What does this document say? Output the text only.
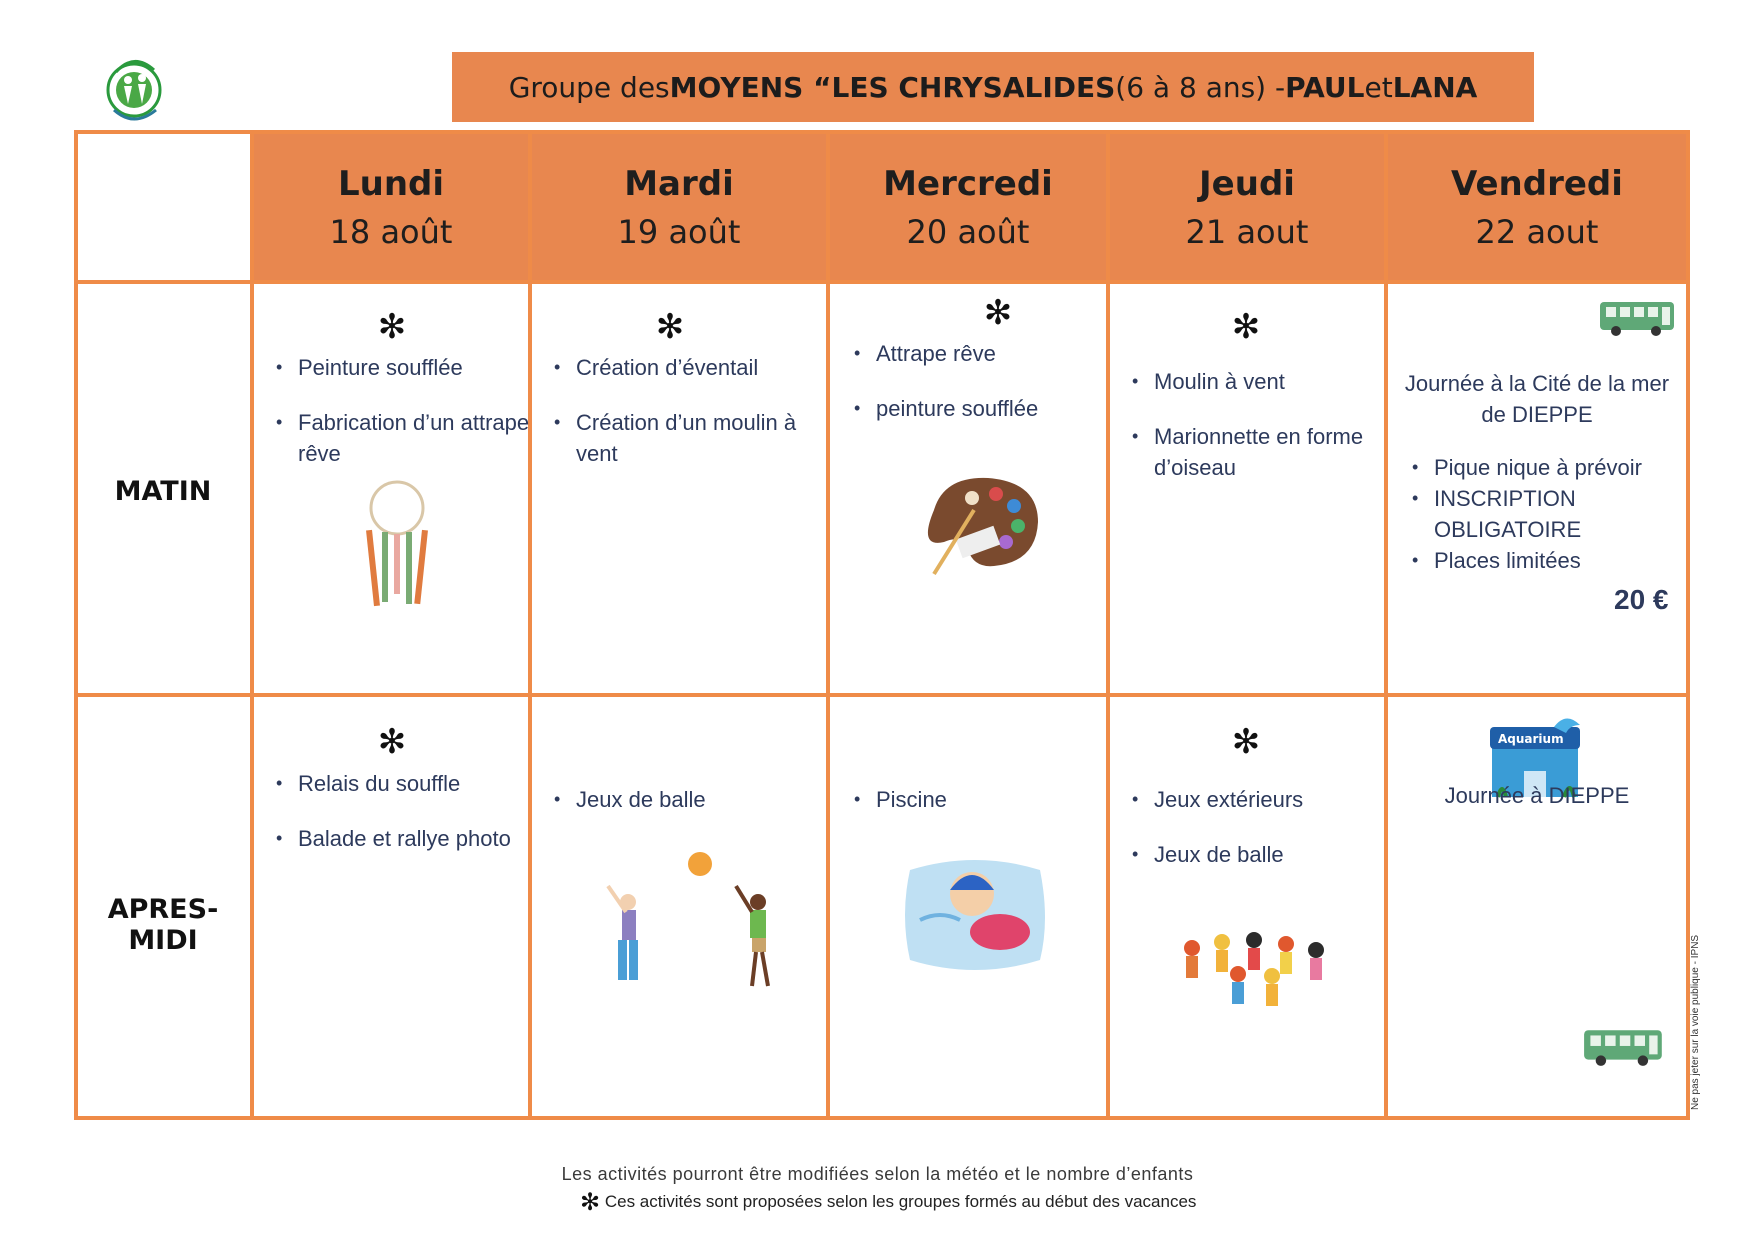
Groupe des MOYENS “LES CHRYSALIDES (6 à 8 ans) - PAUL et LANA
Lundi
18 août
Mardi
19 août
Mercredi
20 août
Jeudi
21 aout
Vendredi
22 aout
MATIN
APRES-MIDI
✻
• Peinture soufflée
• Fabrication d’un attrape rêve
✻
• Création d’éventail
• Création d’un moulin à vent
✻
• Attrape rêve
• peinture soufflée
✻
• Moulin à vent
• Marionnette en forme d’oiseau
Journée à la Cité de la mer de DIEPPE
• Pique nique à prévoir
• INSCRIPTION OBLIGATOIRE
• Places limitées
20 €
✻
• Relais du souffle
• Balade et rallye photo
• Jeux de balle
•	Piscine
✻
• Jeux extérieurs
• Jeux de balle
Aquarium
Journée à DIEPPE
Ne pas jeter sur la voie publique - IPNS
Les activités pourront être modifiées selon la météo et le nombre d’enfants
✻ Ces activités sont proposées selon les groupes formés au début des vacances
